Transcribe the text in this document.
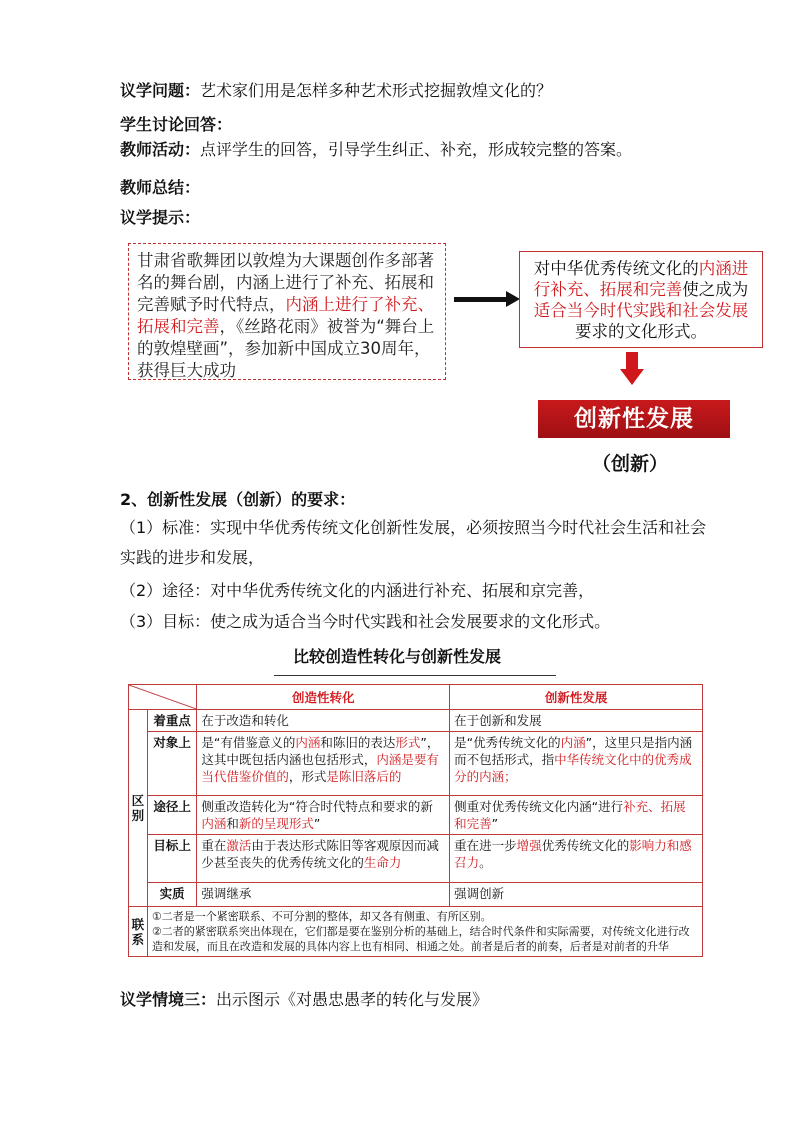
议学问题：艺术家们用是怎样多种艺术形式挖掘敦煌文化的？
学生讨论回答：
教师活动：点评学生的回答，引导学生纠正、补充，形成较完整的答案。
教师总结：
议学提示：
甘肃省歌舞团以敦煌为大课题创作多部著名的舞台剧，内涵上进行了补充、拓展和完善赋予时代特点，内涵上进行了补充、拓展和完善，《丝路花雨》被誉为“舞台上的敦煌壁画”，参加新中国成立30周年，获得巨大成功
对中华优秀传统文化的内涵进行补充、拓展和完善使之成为适合当今时代实践和社会发展要求的文化形式。
创新性发展
（创新）
2、创新性发展（创新）的要求：
（1）标准：实现中华优秀传统文化创新性发展，必须按照当今时代社会生活和社会
实践的进步和发展，
（2）途径：对中华优秀传统文化的内涵进行补充、拓展和京完善，
（3）目标：使之成为适合当今时代实践和社会发展要求的文化形式。
比较创造性转化与创新性发展
	创造性转化	创新性发展
区别	着重点	在于改造和转化	在于创新和发展
	对象上	是“有借鉴意义的内涵和陈旧的表达形式”，这其中既包括内涵也包括形式，内涵是要有当代借鉴价值的，形式是陈旧落后的	是“优秀传统文化的内涵”，这里只是指内涵而不包括形式，指中华传统文化中的优秀成分的内涵；
	途径上	侧重改造转化为“符合时代特点和要求的新内涵和新的呈现形式”	侧重对优秀传统文化内涵“进行补充、拓展和完善”
	目标上	重在激活由于表达形式陈旧等客观原因而减少甚至丧失的优秀传统文化的生命力	重在进一步增强优秀传统文化的影响力和感召力。
	实质	强调继承	强调创新
联系	①二者是一个紧密联系、不可分割的整体，却又各有侧重、有所区别。
②二者的紧密联系突出体现在，它们都是要在鉴别分析的基础上，结合时代条件和实际需要，对传统文化进行改造和发展，而且在改造和发展的具体内容上也有相同、相通之处。前者是后者的前奏，后者是对前者的升华		
议学情境三：出示图示《对愚忠愚孝的转化与发展》
